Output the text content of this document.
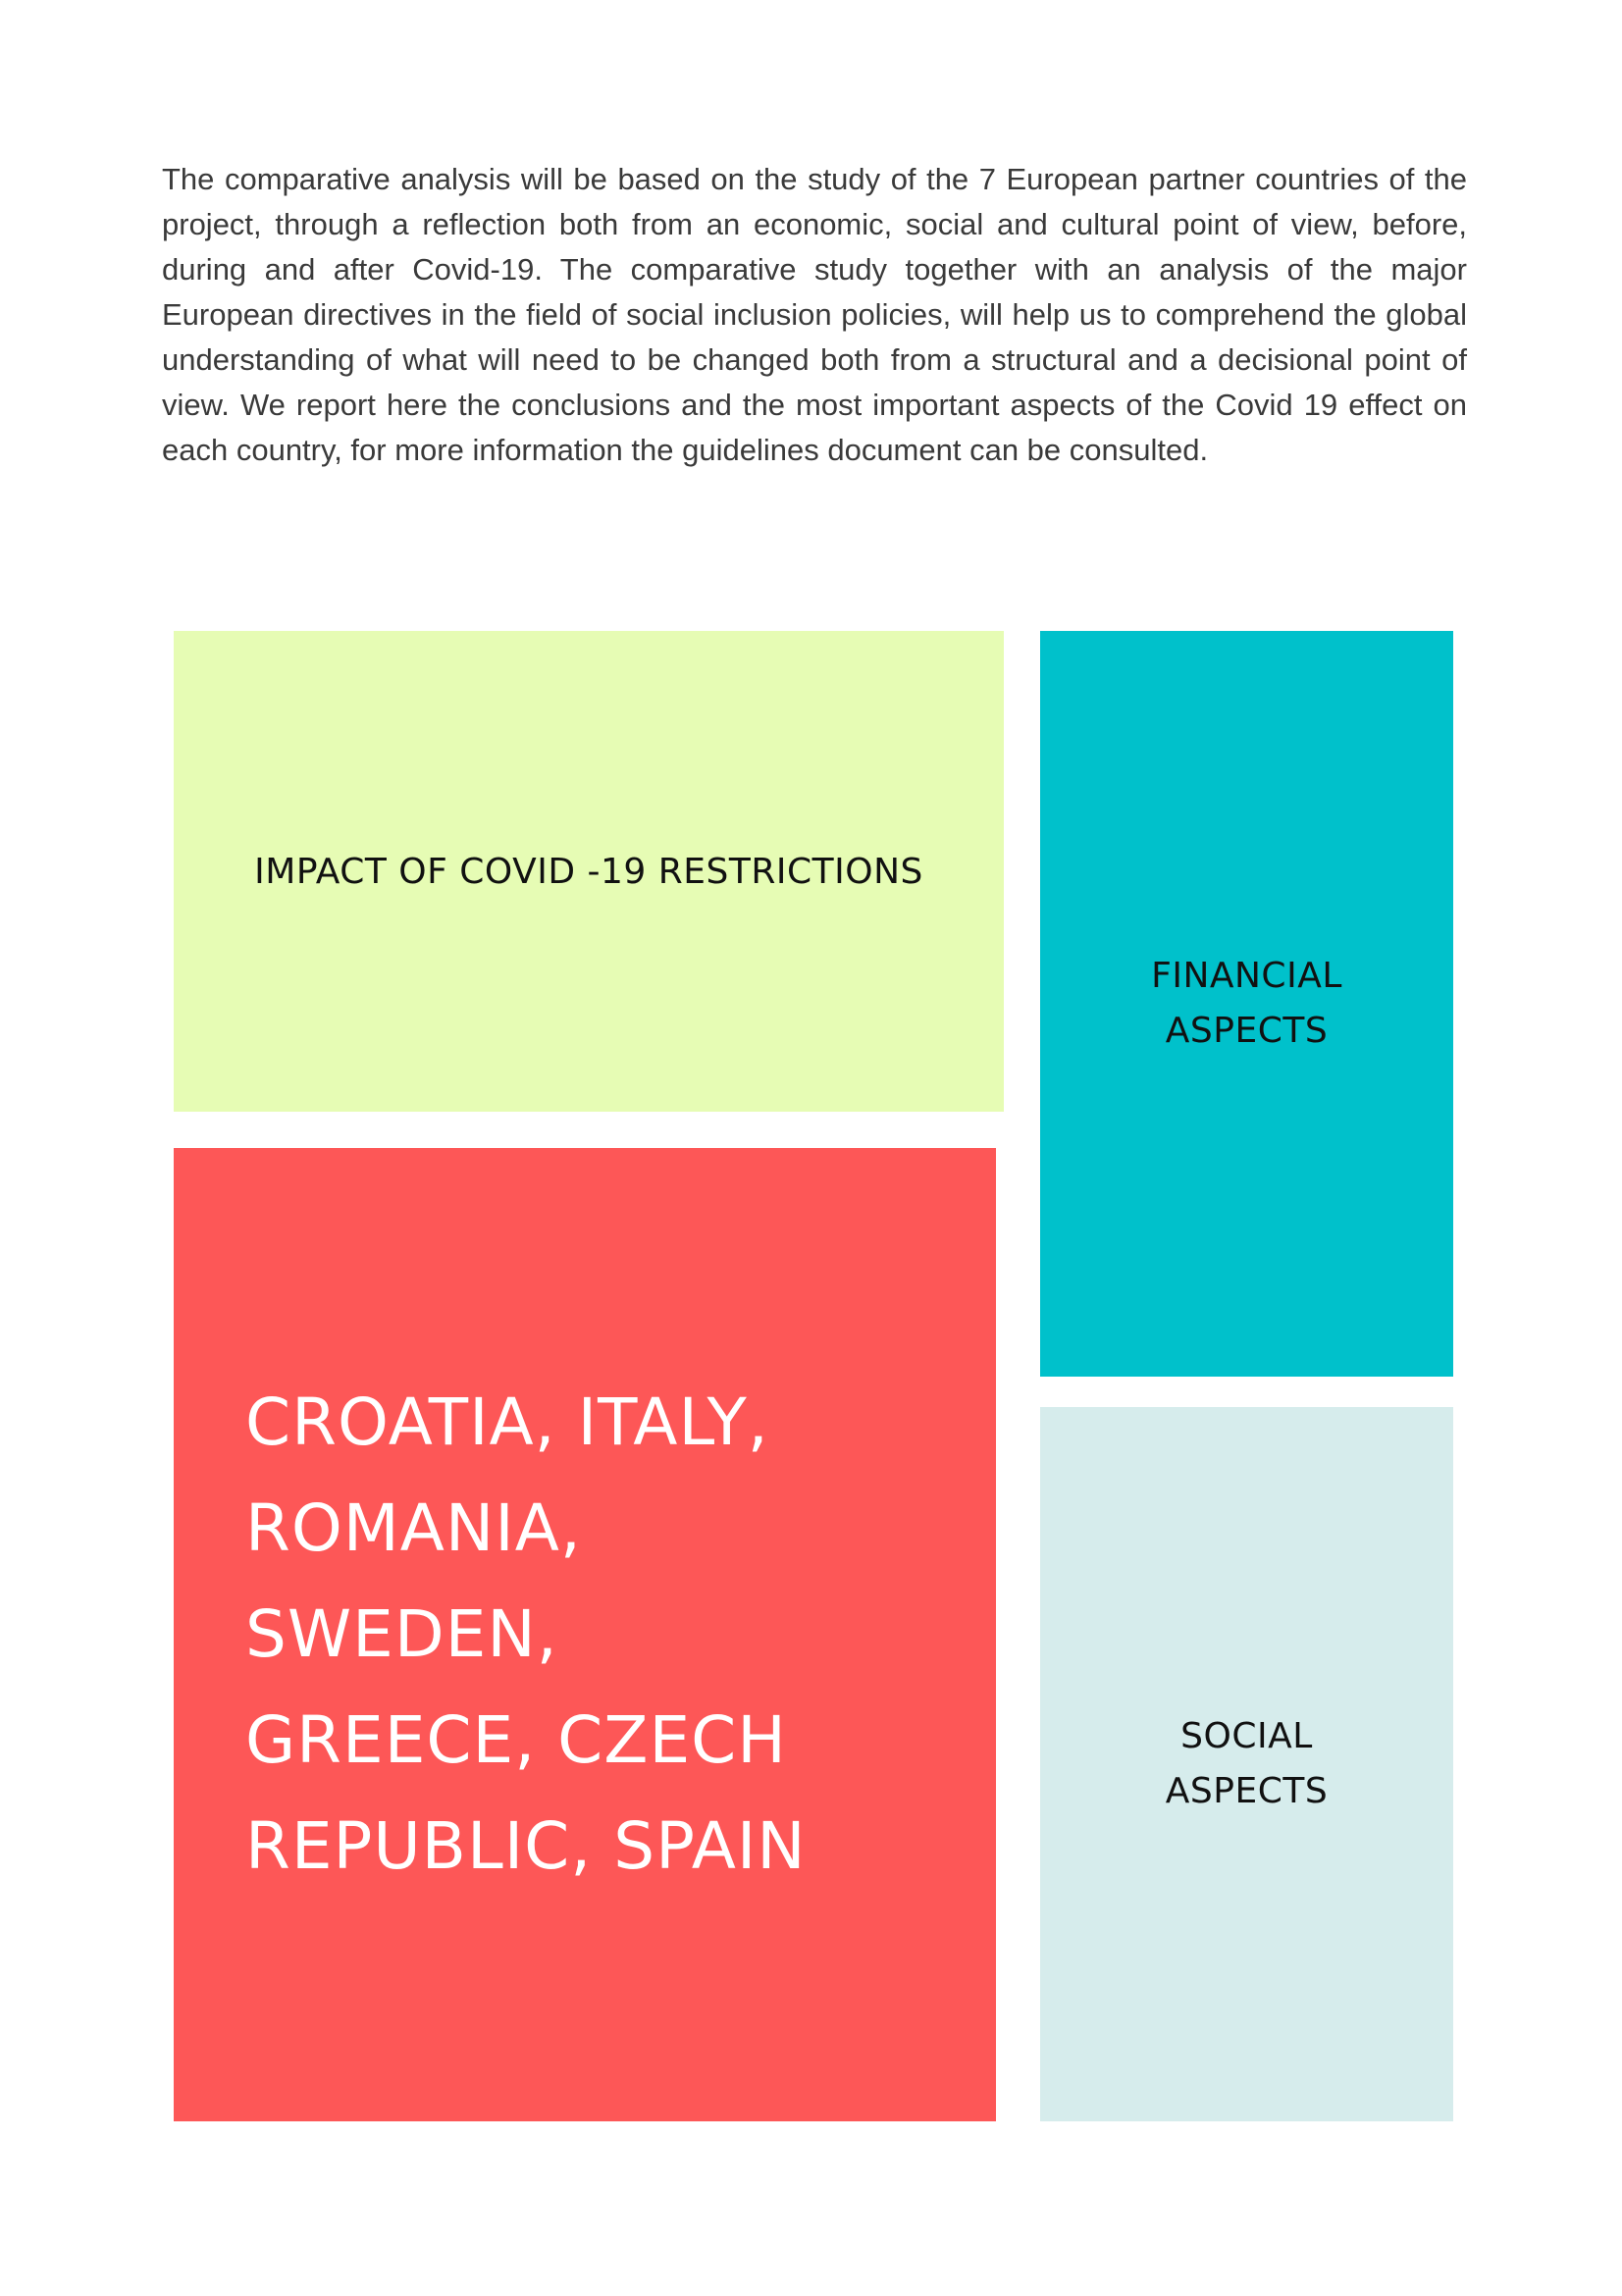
The comparative analysis will be based on the study of the 7 European partner countries of the project, through a reflection both from an economic, social and cultural point of view, before, during and after Covid-19. The comparative study together with an analysis of the major European directives in the field of social inclusion policies, will help us to comprehend the global understanding of what will need to be changed both from a structural and a decisional point of view. We report here the conclusions and the most important aspects of the Covid 19 effect on each country, for more information the guidelines document can be consulted.

IMPACT OF COVID -19 RESTRICTIONS

CROATIA, ITALY,
ROMANIA,
SWEDEN,
GREECE, CZECH
REPUBLIC, SPAIN

FINANCIAL
ASPECTS
SOCIAL
ASPECTS
